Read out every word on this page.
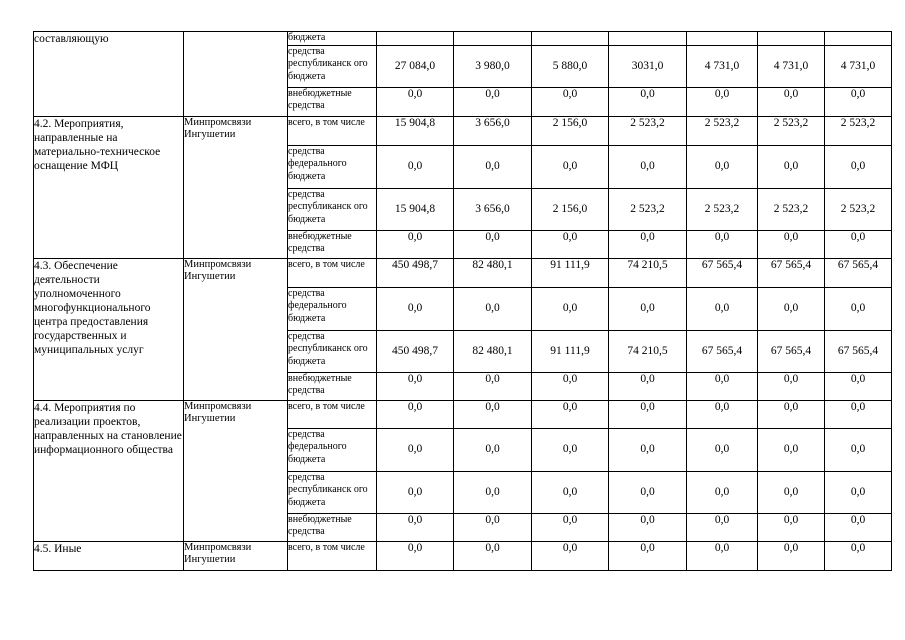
составляющую		бюджета							
		средства республиканск ого бюджета	27 084,0	3 980,0	5 880,0	3031,0	4 731,0	4 731,0	4 731,0
		внебюджетные средства	0,0	0,0	0,0	0,0	0,0	0,0	0,0
4.2. Мероприятия, направленные на материально-техническое оснащение МФЦ	Минпромсвязи Ингушетии	всего, в том числе	15 904,8	3 656,0	2 156,0	2 523,2	2 523,2	2 523,2	2 523,2
		средства федерального бюджета	0,0	0,0	0,0	0,0	0,0	0,0	0,0
		средства республиканск ого бюджета	15 904,8	3 656,0	2 156,0	2 523,2	2 523,2	2 523,2	2 523,2
		внебюджетные средства	0,0	0,0	0,0	0,0	0,0	0,0	0,0
4.3. Обеспечение деятельности уполномоченного многофункционального центра предоставления государственных и муниципальных услуг	Минпромсвязи Ингушетии	всего, в том числе	450 498,7	82 480,1	91 111,9	74 210,5	67 565,4	67 565,4	67 565,4
		средства федерального бюджета	0,0	0,0	0,0	0,0	0,0	0,0	0,0
		средства республиканск ого бюджета	450 498,7	82 480,1	91 111,9	74 210,5	67 565,4	67 565,4	67 565,4
		внебюджетные средства	0,0	0,0	0,0	0,0	0,0	0,0	0,0
4.4. Мероприятия по реализации проектов, направленных на становление информационного общества	Минпромсвязи Ингушетии	всего, в том числе	0,0	0,0	0,0	0,0	0,0	0,0	0,0
		средства федерального бюджета	0,0	0,0	0,0	0,0	0,0	0,0	0,0
		средства республиканск ого бюджета	0,0	0,0	0,0	0,0	0,0	0,0	0,0
		внебюджетные средства	0,0	0,0	0,0	0,0	0,0	0,0	0,0
4.5. Иные	Минпромсвязи Ингушетии	всего, в том числе	0,0	0,0	0,0	0,0	0,0	0,0	0,0
